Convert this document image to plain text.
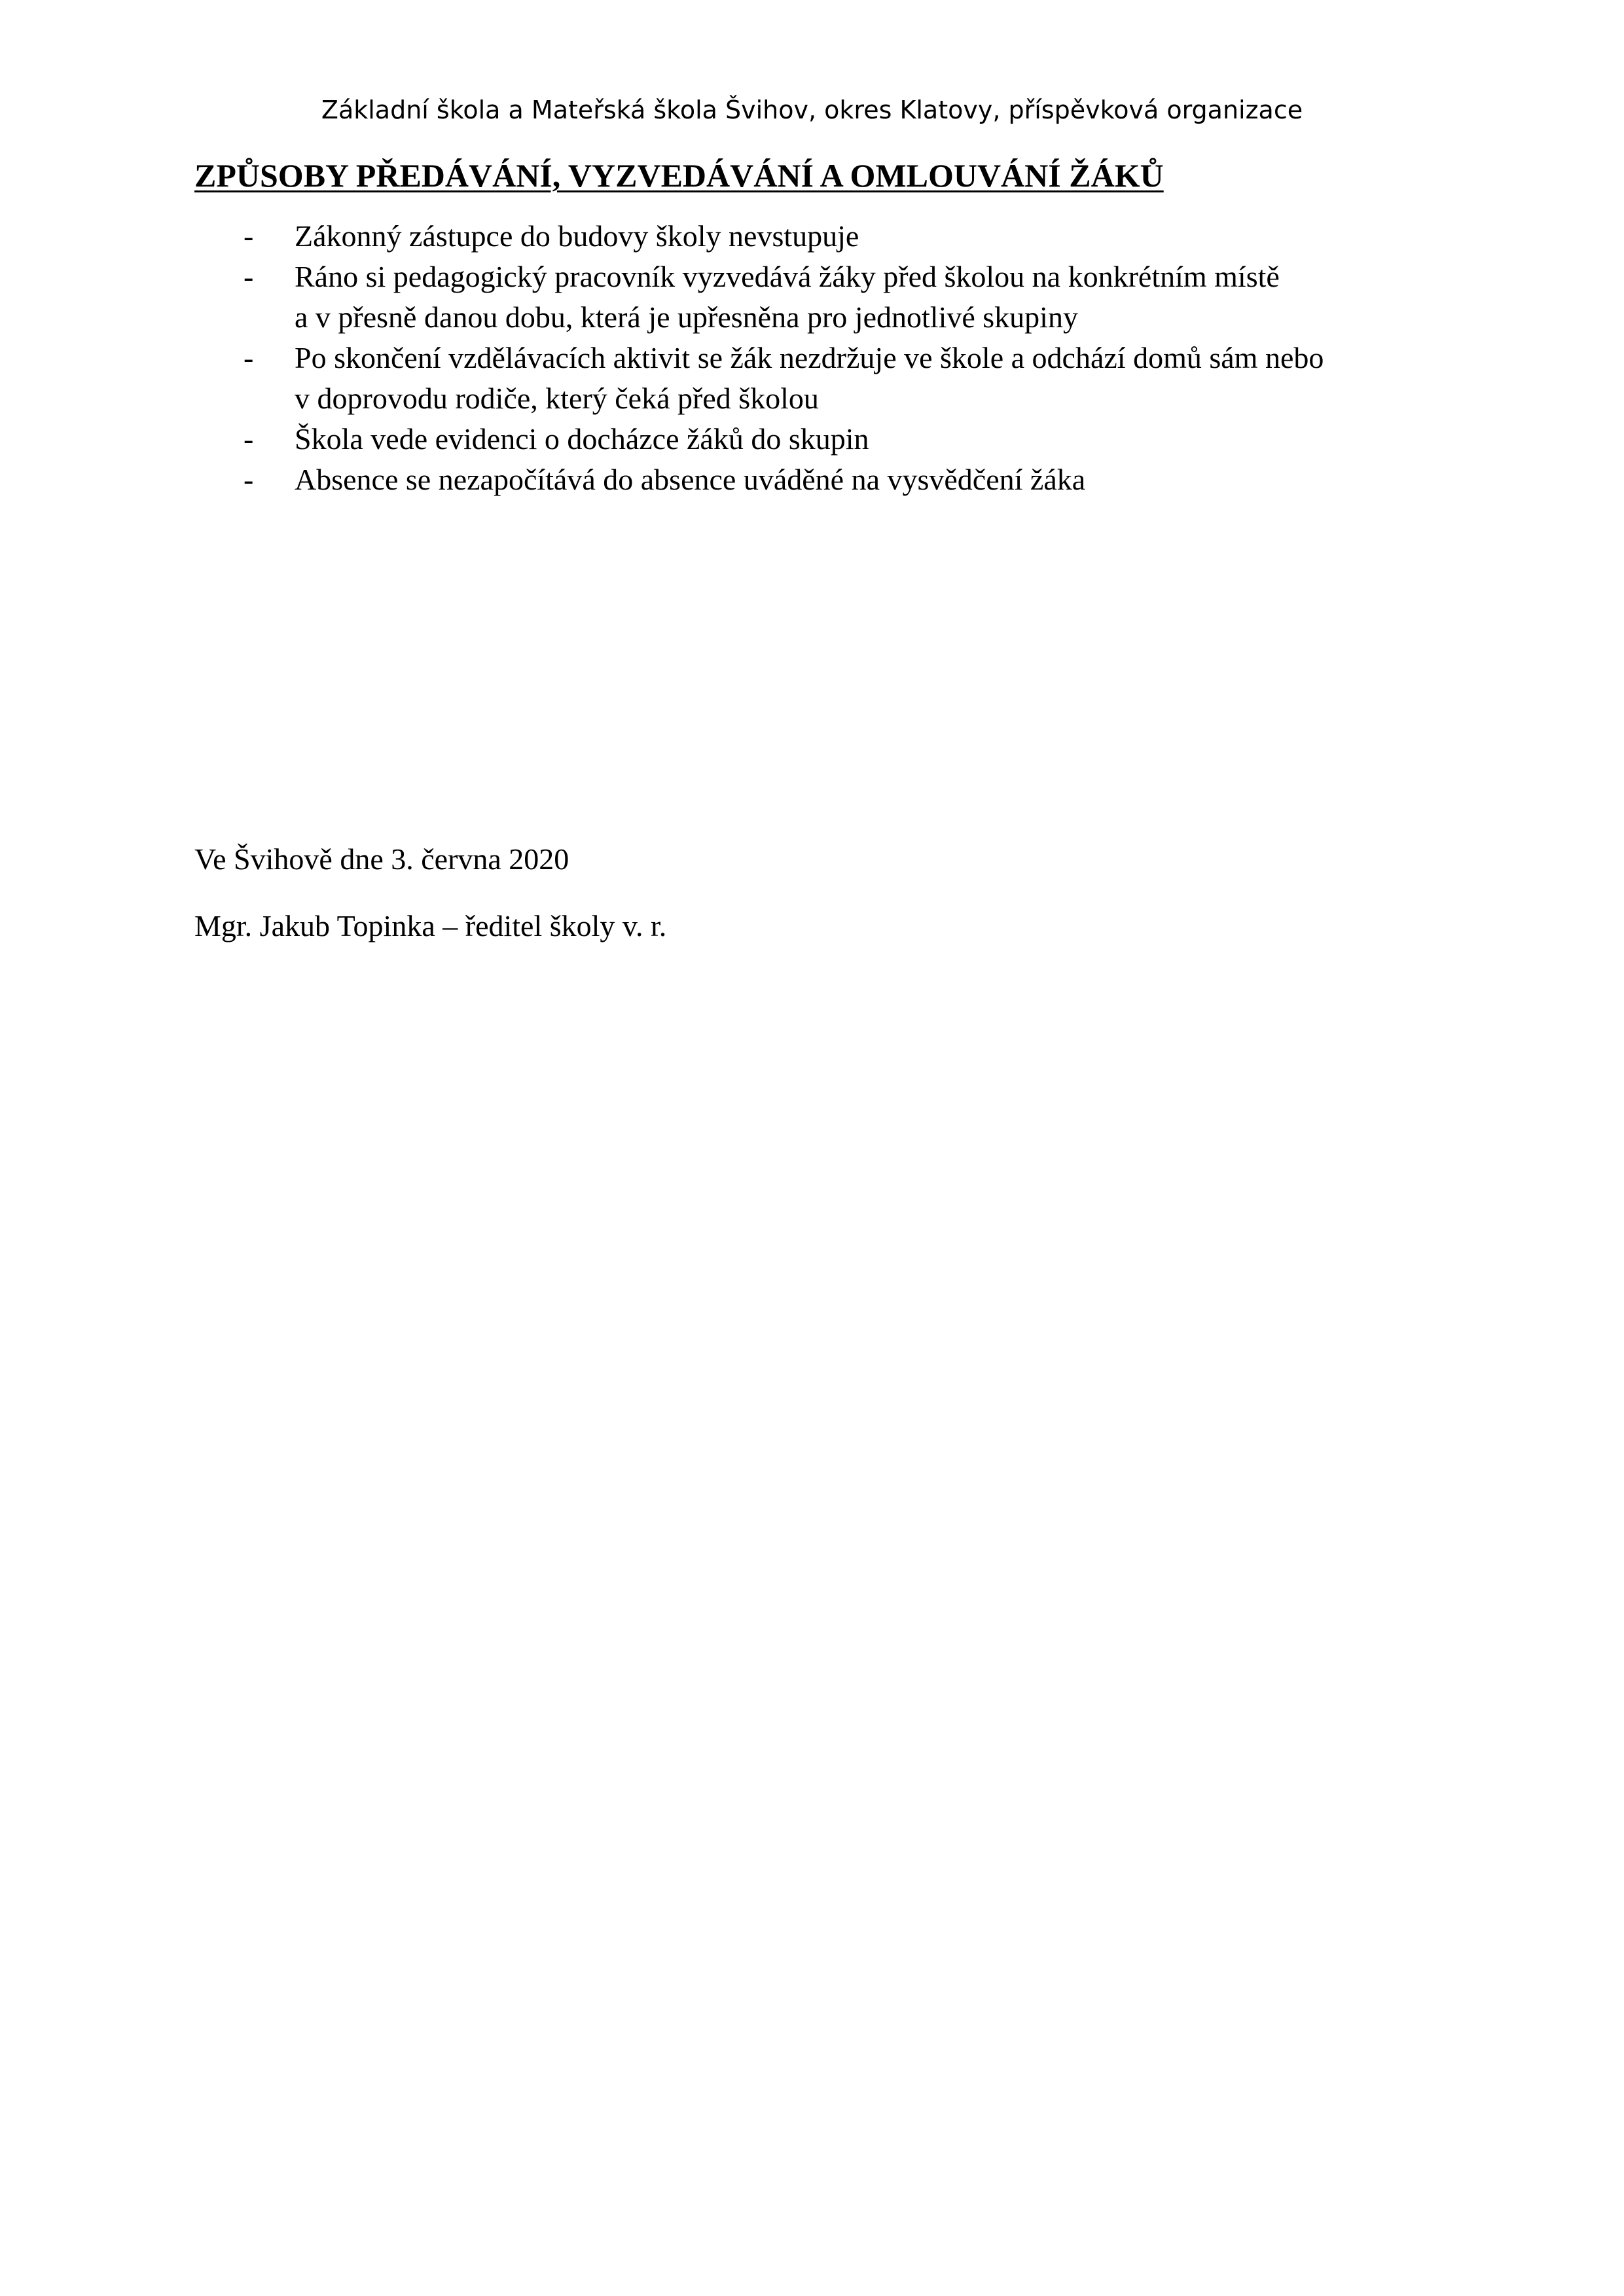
Základní škola a Mateřská škola Švihov, okres Klatovy, příspěvková organizace
ZPŮSOBY PŘEDÁVÁNÍ, VYZVEDÁVÁNÍ A OMLOUVÁNÍ ŽÁKŮ
- Zákonný zástupce do budovy školy nevstupuje
- Ráno si pedagogický pracovník vyzvedává žáky před školou na konkrétním místě
a v přesně danou dobu, která je upřesněna pro jednotlivé skupiny
- Po skončení vzdělávacích aktivit se žák nezdržuje ve škole a odchází domů sám nebo
v doprovodu rodiče, který čeká před školou
- Škola vede evidenci o docházce žáků do skupin
- Absence se nezapočítává do absence uváděné na vysvědčení žáka
Ve Švihově dne 3. června 2020
Mgr. Jakub Topinka – ředitel školy v. r.
